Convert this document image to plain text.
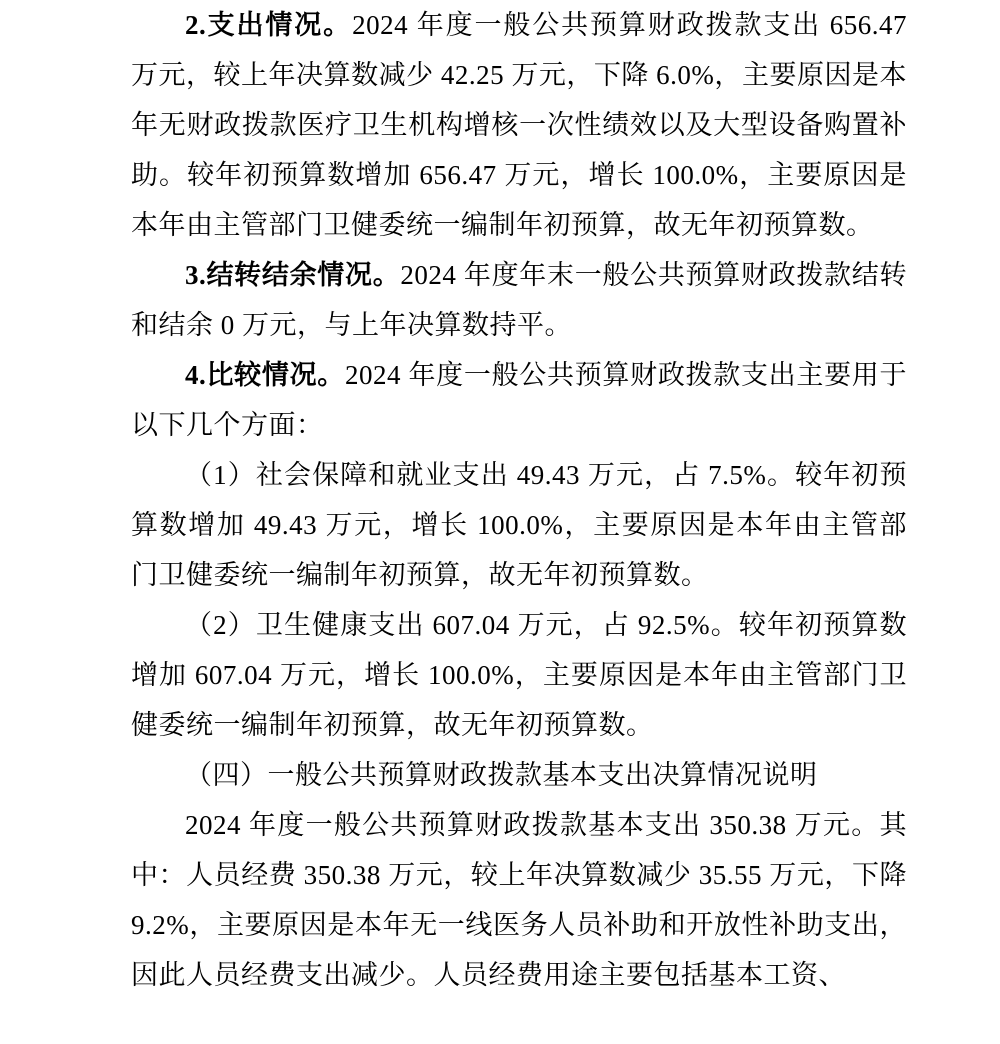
2.支出情况。2024 年度一般公共预算财政拨款支出 656.47 万元，较上年决算数减少 42.25 万元，下降 6.0%，主要原因是本年无财政拨款医疗卫生机构增核一次性绩效以及大型设备购置补助。较年初预算数增加 656.47 万元，增长 100.0%，主要原因是本年由主管部门卫健委统一编制年初预算，故无年初预算数。

3.结转结余情况。2024 年度年末一般公共预算财政拨款结转和结余 0 万元，与上年决算数持平。

4.比较情况。2024 年度一般公共预算财政拨款支出主要用于以下几个方面：

（1）社会保障和就业支出 49.43 万元，占 7.5%。较年初预算数增加 49.43 万元，增长 100.0%，主要原因是本年由主管部门卫健委统一编制年初预算，故无年初预算数。

（2）卫生健康支出 607.04 万元，占 92.5%。较年初预算数增加 607.04 万元，增长 100.0%，主要原因是本年由主管部门卫健委统一编制年初预算，故无年初预算数。

（四）一般公共预算财政拨款基本支出决算情况说明

2024 年度一般公共预算财政拨款基本支出 350.38 万元。其中：人员经费 350.38 万元，较上年决算数减少 35.55 万元，下降 9.2%，主要原因是本年无一线医务人员补助和开放性补助支出，因此人员经费支出减少。人员经费用途主要包括基本工资、
